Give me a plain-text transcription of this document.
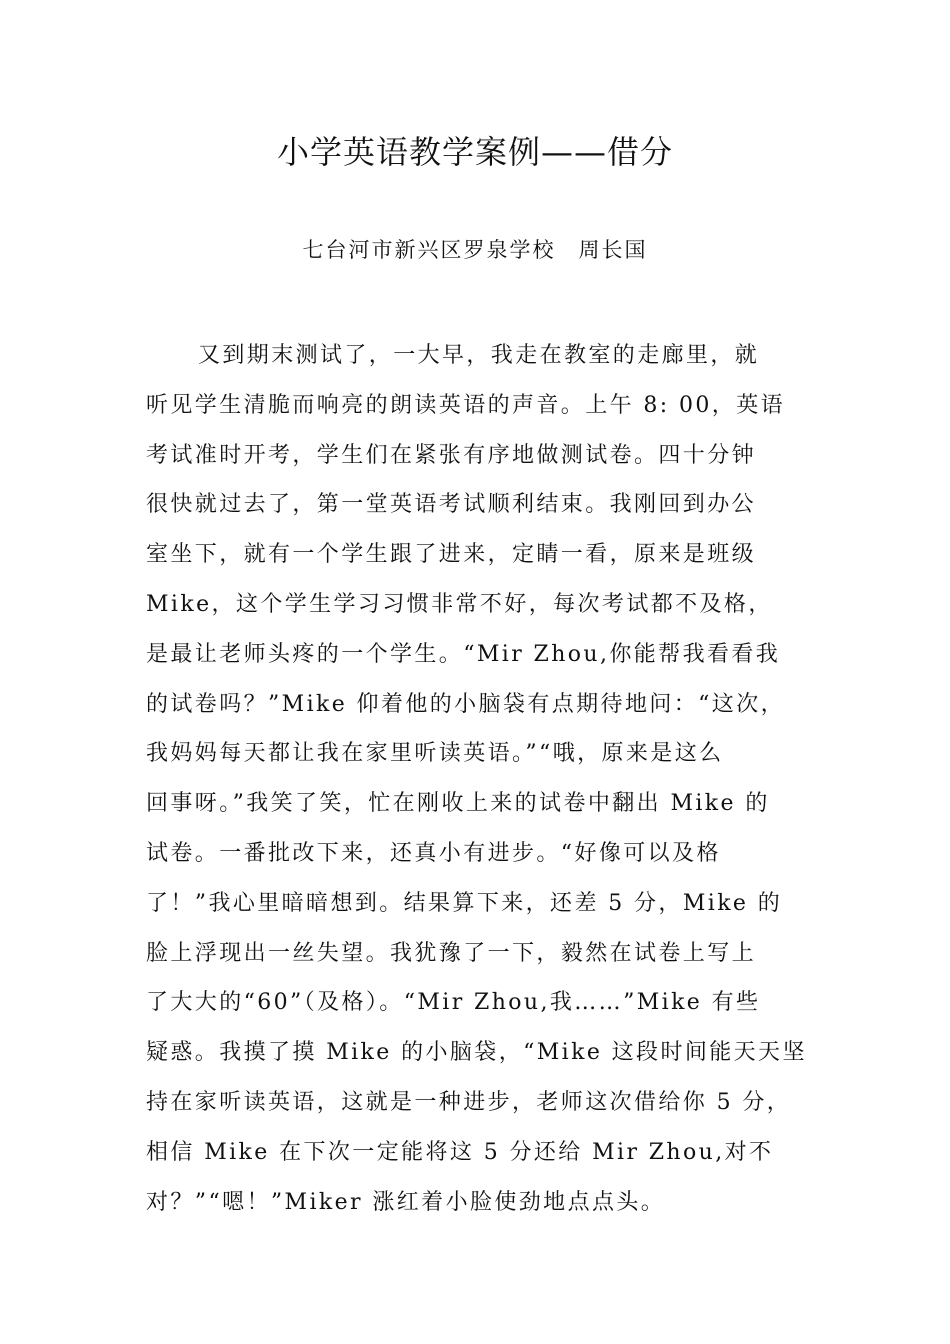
小学英语教学案例——借分

七台河市新兴区罗泉学校　周长国

又到期末测试了，一大早，我走在教室的走廊里，就
听见学生清脆而响亮的朗读英语的声音。上午 8: 00，英语
考试准时开考，学生们在紧张有序地做测试卷。四十分钟
很快就过去了，第一堂英语考试顺利结束。我刚回到办公
室坐下，就有一个学生跟了进来，定睛一看，原来是班级
Mike，这个学生学习习惯非常不好，每次考试都不及格，
是最让老师头疼的一个学生。“Mir Zhou,你能帮我看看我
的试卷吗？”Mike 仰着他的小脑袋有点期待地问：“这次，
我妈妈每天都让我在家里听读英语。”“哦，原来是这么
回事呀。”我笑了笑，忙在刚收上来的试卷中翻出 Mike 的
试卷。一番批改下来，还真小有进步。“好像可以及格
了！”我心里暗暗想到。结果算下来，还差 5 分，Mike 的
脸上浮现出一丝失望。我犹豫了一下，毅然在试卷上写上
了大大的“60”（及格）。“Mir Zhou,我……”Mike 有些
疑惑。我摸了摸 Mike 的小脑袋，“Mike 这段时间能天天坚
持在家听读英语，这就是一种进步，老师这次借给你 5 分，
相信 Mike 在下次一定能将这 5 分还给 Mir Zhou,对不
对？”“嗯！”Miker 涨红着小脸使劲地点点头。
